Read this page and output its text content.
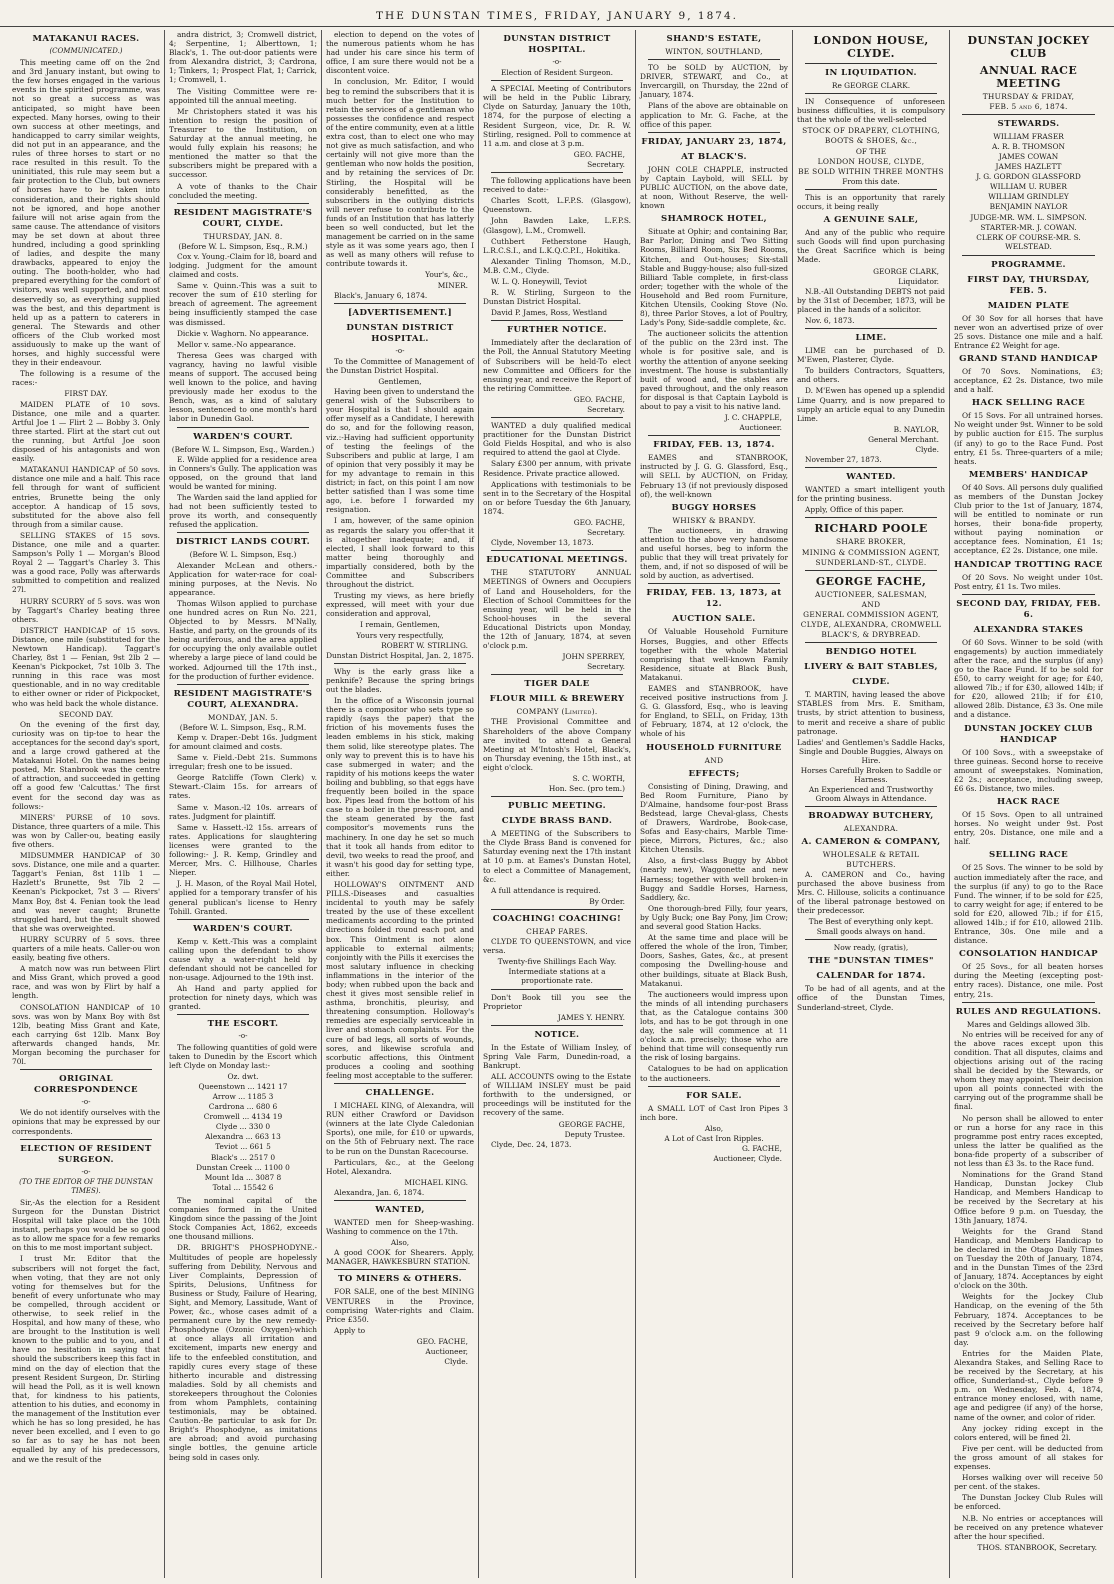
THE DUNSTAN TIMES, FRIDAY, JANUARY 9, 1874.
MATAKANUI RACES.
(COMMUNICATED.)

This meeting came off on the 2nd and 3rd January instant, but owing to the few horses engaged in the various events in the spirited programme, was not so great a success as was anticipated, so might have been expected. Many horses, owing to their own success at other meetings, and handicapped to carry similar weights, did not put in an appearance, and the rules of three horses to start or no race resulted in this result. To the uninitiated, this rule may seem but a fair protection to the Club, but owners of horses have to be taken into consideration, and their rights should not be ignored, and hope another failure will not arise again from the same cause. The attendance of visitors may be set down at about three hundred, including a good sprinkling of ladies, and despite the many drawbacks, appeared to enjoy the outing. The booth-holder, who had prepared everything for the comfort of visitors, was well supported, and most deservedly so, as everything supplied was the best, and this department is held up as a pattern to caterers in general. The Stewards and other officers of the Club worked most assiduously to make up the want of horses, and highly successful were they in their endeavour.

The following is a resume of the races:-

FIRST DAY.

MAIDEN PLATE of 10 sovs. Distance, one mile and a quarter. Artful Joe 1 — Flirt 2 — Bobby 3. Only three started. Flirt at the start cut out the running, but Artful Joe soon disposed of his antagonists and won easily.

MATAKANUI HANDICAP of 50 sovs. distance one mile and a half. This race fell through for want of sufficient entries, Brunette being the only acceptor. A handicap of 15 sovs, substituted for the above also fell through from a similar cause.

SELLING STAKES of 15 sovs. Distance, one mile and a quarter. Sampson's Polly 1 — Morgan's Blood Royal 2 — Taggart's Charley 3. This was a good race, Polly was afterwards submitted to competition and realized 27l.

HURRY SCURRY of 5 sovs. was won by Taggart's Charley beating three others.

DISTRICT HANDICAP of 15 sovs. Distance, one mile (substituted for the Newtown Handicap). Taggart's Charley, 8st 1 — Fenian, 9st 2lb 2 — Keenan's Pickpocket, 7st 10lb 3. The running in this race was most questionable, and in no way creditable to either owner or rider of Pickpocket, who was held back the whole distance.

SECOND DAY.

On the evening of the first day, curiosity was on tip-toe to hear the acceptances for the second day's sport, and a large crowd gathered at the Matakanui Hotel. On the names being posted, Mr. Stanbrook was the centre of attraction, and succeeded in getting off a good few 'Calcuttas.' The first event for the second day was as follows:-

MINERS' PURSE of 10 sovs. Distance, three quarters of a mile. This was won by Caller-ou, beating easily five others.

MIDSUMMER HANDICAP of 30 sovs. Distance, one mile and a quarter. Taggart's Fenian, 8st 11lb 1 — Hazlett's Brunette, 9st 7lb 2 — Keenan's Pickpocket, 7st 3 — Rivers' Manx Boy, 8st 4. Fenian took the lead and was never caught; Brunette struggled hard, but the result showed that she was overweighted.

HURRY SCURRY of 5 sovs. three quarters of a mile heats. Caller-ou won easily, beating five others.

A match now was run between Flirt and Miss Grant, which proved a good race, and was won by Flirt by half a length.

CONSOLATION HANDICAP of 10 sovs. was won by Manx Boy with 8st 12lb, beating Miss Grant and Kate, each carrying 6st 12lb. Manx Boy afterwards changed hands, Mr. Morgan becoming the purchaser for 70l.

ORIGINAL CORRESPONDENCE
-o-

We do not identify ourselves with the opinions that may be expressed by our correspondents.

ELECTION OF RESIDENT SURGEON.
-o-
(TO THE EDITOR OF THE DUNSTAN TIMES).

Sir,-As the election for a Resident Surgeon for the Dunstan District Hospital will take place on the 10th instant, perhaps you would be so good as to allow me space for a few remarks on this to me most important subject.

I trust Mr. Editor that the subscribers will not forget the fact, when voting, that they are not only voting for themselves but for the benefit of every unfortunate who may be compelled, through accident or otherwise, to seek relief in the Hospital, and how many of these, who are brought to the Institution is well known to the public and to you, and I have no hesitation in saying that should the subscribers keep this fact in mind on the day of election that the present Resident Surgeon, Dr. Stirling will head the Poll, as it is well known that, for kindness to his patients, attention to his duties, and economy in the management of the Institution ever which he has so long presided, he has never been excelled, and I even to go so far as to say he has not been equalled by any of his predecessors, and we the result of the

andra district, 3; Cromwell district, 4; Serpentine, 1; Alberttown, 1; Black's, 1. The out-door patients were from Alexandra district, 3; Cardrona, 1; Tinkers, 1; Prospect Flat, 1; Carrick, 1; Cromwell, 1.

The Visiting Committee were re-appointed till the annual meeting.

Mr Christophers stated it was his intention to resign the position of Treasurer to the Institution, on Saturday at the annual meeting, he would fully explain his reasons; he mentioned the matter so that the subscribers might be prepared with a successor.

A vote of thanks to the Chair concluded the meeting.

RESIDENT MAGISTRATE'S COURT, CLYDE.
THURSDAY, JAN. 8.
(Before W. L. Simpson, Esq., R.M.)

Cox v. Young.-Claim for l8, board and lodging. Judgment for the amount claimed and costs.

Same v. Quinn.-This was a suit to recover the sum of £10 sterling for breach of agreement. The agreement being insufficiently stamped the case was dismissed.

Dickie v. Waghorn. No appearance.

Mellor v. same.-No appearance.

Theresa Gees was charged with vagrancy, having no lawful visible means of support. The accused being well known to the police, and having previously made her exodus to the Bench, was, as a kind of salutary lesson, sentenced to one month's hard labor in Dunedin Gaol.

WARDEN'S COURT.
(Before W. L. Simpson, Esq., Warden.)

E. Wilde applied for a residence area in Conners's Gully. The application was opposed, on the ground that land would be wanted for mining.

The Warden said the land applied for had not been sufficiently tested to prove its worth, and consequently refused the application.

DISTRICT LANDS COURT.
(Before W. L. Simpson, Esq.)

Alexander McLean and others.-Application for water-race for coal-mining purposes, at the Nevis. No appearance.

Thomas Wilson applied to purchase one hundred acres on Run No. 221, Objected to by Messrs. M'Nally, Hastie, and party, on the grounds of its being auriferous, and the area applied for occupying the only available outlet whereby a large piece of land could be worked. Adjourned till the 17th inst., for the production of further evidence.

RESIDENT MAGISTRATE'S COURT, ALEXANDRA.
MONDAY, JAN. 5.
(Before W. L. Simpson, Esq., R.M.

Kemp v. Draper.-Debt 16s. Judgment for amount claimed and costs.

Same v. Field.-Debt 21s. Summons irregular; fresh one to be issued.

George Ratcliffe (Town Clerk) v. Stewart.-Claim 15s. for arrears of rates.

Same v. Mason.-l2 10s. arrears of rates. Judgment for plaintiff.

Same v. Hassett.-l2 15s. arrears of rates. Applications for slaughtering licenses were granted to the following:- J. R. Kemp, Grindley and Mercer, Mrs. C. Hillhouse, Charles Nieper.

J. H. Mason, of the Royal Mail Hotel, applied for a temporary transfer of his general publican's license to Henry Tohill. Granted.

WARDEN'S COURT.

Kemp v. Kett.-This was a complaint calling upon the defendant to show cause why a water-right held by defendant should not be cancelled for non-usage. Adjourned to the 19th inst.

Ah Hand and party applied for protection for ninety days, which was granted.

THE ESCORT.
-o-

The following quantities of gold were taken to Dunedin by the Escort which left Clyde on Monday last:-

Oz. dwt.
Queenstown ... 1421 17
Arrow ... 1185 3
Cardrona ... 680 6
Cromwell ... 4134 19
Clyde ... 330 0
Alexandra ... 663 13
Teviot ... 661 5
Black's ... 2517 0
Dunstan Creek ... 1100 0
Mount Ida ... 3087 8
Total ... 15542 6

The nominal capital of the companies formed in the United Kingdom since the passing of the Joint Stock Companies Act, 1862, exceeds one thousand millions.

DR. BRIGHT'S PHOSPHODYNE.-Multitudes of people are hopelessly suffering from Debility, Nervous and Liver Complaints, Depression of Spirits, Delusions, Unfitness for Business or Study, Failure of Hearing, Sight, and Memory, Lassitude, Want of Power, &c., whose cases admit of a permanent cure by the new remedy-Phosphodyne (Ozonic Oxygen)-which at once allays all irritation and excitement, imparts new energy and life to the enfeebled constitution, and rapidly cures every stage of these hitherto incurable and distressing maladies. Sold by all chemists and storekeepers throughout the Colonies from whom Pamphlets, containing testimonials, may be obtained. Caution.-Be particular to ask for Dr. Bright's Phosphodyne, as imitations are abroad; and avoid purchasing single bottles, the genuine article being sold in cases only.

election to depend on the votes of the numerous patients whom he has had under his care since his term of office, I am sure there would not be a discontent voice.

In conclusion, Mr. Editor, I would beg to remind the subscribers that it is much better for the Institution to retain the services of a gentleman who possesses the confidence and respect of the entire community, even at a little extra cost, than to elect one who may not give as much satisfaction, and who certainly will not give more than the gentleman who now holds the position, and by retaining the services of Dr. Stirling, the Hospital will be considerably benefitted, as the subscribers in the outlying districts will never refuse to contribute to the funds of an Institution that has latterly been so well conducted, but let the management be carried on in the same style as it was some years ago, then I as well as many others will refuse to contribute towards it.

Your's, &c.,
MINER.

Black's, January 6, 1874.

[ADVERTISEMENT.]
DUNSTAN DISTRICT HOSPITAL.
-o-

To the Committee of Management of the Dunstan District Hospital.

Gentlemen,

Having been given to understand the general wish of the Subscribers to your Hospital is that I should again offer myself as a Candidate, I herewith do so, and for the following reason, viz.:-Having had sufficient opportunity of testing the feelings of the Subscribers and public at large, I am of opinion that very possibly it may be for my advantage to remain in this district; in fact, on this point I am now better satisfied than I was some time ago, i.e. before I forwarded my resignation.

I am, however, of the same opinion as regards the salary you offer-that it is altogether inadequate; and, if elected, I shall look forward to this matter being thoroughly and impartially considered, both by the Committee and Subscribers throughout the district.

Trusting my views, as here briefly expressed, will meet with your due consideration and approval,

I remain, Gentlemen,
Yours very respectfully,
ROBERT W. STIRLING.
Dunstan District Hospital, Jan. 2, 1875.

Why is the early grass like a penknife? Because the spring brings out the blades.

In the office of a Wisconsin journal there is a compositor who sets type so rapidly (says the paper) that the friction of his movements fuses the leaden emblems in his stick, making them solid, like stereotype plates. The only way to prevent this is to have his case submerged in water; and the rapidity of his motions keeps the water boiling and bubbling, so that eggs have frequently been boiled in the space box. Pipes lead from the bottom of his case to a boiler in the press-room, and the steam generated by the fast compositor's movements runs the machinery. In one day he set so much that it took all hands from editor to devil, two weeks to read the proof, and it wasn't his good day for setting type, either.

HOLLOWAY'S OINTMENT AND PILLS.-Diseases and casualties incidental to youth may be safely treated by the use of these excellent medicaments according to the printed directions folded round each pot and box. This Ointment is not alone applicable to external ailments; conjointly with the Pills it exercises the most salutary influence in checking inflammations in the interior of the body; when rubbed upon the back and chest it gives most sensible relief in asthma, bronchitis, pleurisy, and threatening consumption. Holloway's remedies are especially serviceable in liver and stomach complaints. For the cure of bad legs, all sorts of wounds, sores, and likewise scrofula and scorbutic affections, this Ointment produces a cooling and soothing feeling most acceptable to the sufferer.

CHALLENGE.

I MICHAEL KING, of Alexandra, will RUN either Crawford or Davidson (winners at the late Clyde Caledonian Sports), one mile, for £10 or upwards, on the 5th of February next. The race to be run on the Dunstan Racecourse.

Particulars, &c., at the Geelong Hotel, Alexandra.

MICHAEL KING.

Alexandra, Jan. 6, 1874.

WANTED,

WANTED men for Sheep-washing. Washing to commence on the 17th.

Also,

A good COOK for Shearers. Apply, MANAGER, HAWKESBURN STATION.

TO MINERS & OTHERS.

FOR SALE, one of the best MINING VENTURES in the Province, comprising Water-rights and Claim. Price £350.

Apply to

GEO. FACHE,
Auctioneer,
Clyde.
DUNSTAN DISTRICT HOSPITAL.
-o-
Election of Resident Surgeon.

A SPECIAL Meeting of Contributors will be held in the Public Library, Clyde on Saturday, January the 10th, 1874, for the purpose of electing a Resident Surgeon, vice, Dr. R. W. Stirling, resigned. Poll to commence at 11 a.m. and close at 3 p.m.

GEO. FACHE,
Secretary.

The following applications have been received to date:-

Charles Scott, L.F.P.S. (Glasgow), Queenstown.

John Bawden Lake, L.F.P.S. (Glasgow), L.M., Cromwell.

Cuthbert Fetherstone Haugh, L.R.C.S.I., and L.K.Q.C.P.I., Hokitika.

Alexander Tinling Thomson, M.D., M.B. C.M., Clyde.

W. L. Q. Honeywill, Teviot

R. W. Stirling, Surgeon to the Dunstan District Hospital.

David P. James, Ross, Westland

FURTHER NOTICE.

Immediately after the declaration of the Poll, the Annual Statutory Meeting of Subscribers will be held-To elect new Committee and Officers for the ensuing year, and receive the Report of the retiring Committee.

GEO. FACHE,
Secretary.

WANTED a duly qualified medical practitioner for the Dunstan District Gold Fields Hospital, and who is also required to attend the gaol at Clyde.

Salary £300 per annum, with private Residence. Private practice allowed.

Applications with testimonials to be sent in to the Secretary of the Hospital on or before Tuesday the 6th January, 1874.

GEO. FACHE,
Secretary.

Clyde, November 13, 1873.

EDUCATIONAL MEETINGS.

THE STATUTORY ANNUAL MEETINGS of Owners and Occupiers of Land and Householders, for the Election of School Committees for the ensuing year, will be held in the School-houses in the several Educational Districts upon Monday, the 12th of January, 1874, at seven o'clock p.m.

JOHN SPERREY,
Secretary.
TIGER DALE
FLOUR MILL & BREWERY
COMPANY (Limited).

THE Provisional Committee and Shareholders of the above Company are invited to attend a General Meeting at M'Intosh's Hotel, Black's, on Thursday evening, the 15th inst., at eight o'clock.

S. C. WORTH,
Hon. Sec. (pro tem.)
PUBLIC MEETING.
CLYDE BRASS BAND.

A MEETING of the Subscribers to the Clyde Brass Band is convened for Saturday evening next the 17th instant at 10 p.m. at Eames's Dunstan Hotel, to elect a Committee of Management, &c.

A full attendance is required.

By Order.
COACHING! COACHING!
CHEAP FARES.

CLYDE TO QUEENSTOWN, and vice versa.

Twenty-five Shillings Each Way.
Intermediate stations at a proportionate rate.

Don't Book till you see the Proprietor

JAMES Y. HENRY.
NOTICE.

In the Estate of William Insley, of Spring Vale Farm, Dunedin-road, a Bankrupt.

ALL ACCOUNTS owing to the Estate of WILLIAM INSLEY must be paid forthwith to the undersigned, or proceedings will be instituted for the recovery of the same.

GEORGE FACHE,
Deputy Trustee.

Clyde, Dec. 24, 1873.

SHAND'S ESTATE,
WINTON, SOUTHLAND,

TO be SOLD by AUCTION, by DRIVER, STEWART, and Co., at Invercargill, on Thursday, the 22nd of January, 1874.

Plans of the above are obtainable on application to Mr. G. Fache, at the office of this paper.

FRIDAY, JANUARY 23, 1874,
AT BLACK'S.

JOHN COLE CHAPPLE, instructed by Captain Laybold, will SELL by PUBLIC AUCTION, on the above date, at noon, Without Reserve, the well-known

SHAMROCK HOTEL,

Situate at Ophir; and containing Bar, Bar Parlor, Dining and Two Sitting Rooms, Billiard Room, Six Bed Rooms, Kitchen, and Out-houses; Six-stall Stable and Buggy-house; also full-sized Billiard Table complete, in first-class order; together with the whole of the Household and Bed room Furniture, Kitchen Utensils, Cooking Stove (No. 8), three Parlor Stoves, a lot of Poultry, Lady's Pony, Side-saddle complete, &c.

The auctioneer solicits the attention of the public on the 23rd inst. The whole is for positive sale, and is worthy the attention of anyone seeking investment. The house is substantially built of wood and, the stables are paved throughout, and the only reason for disposal is that Captain Laybold is about to pay a visit to his native land.

J. C. CHAPPLE,
Auctioneer.
FRIDAY, FEB. 13, 1874.

EAMES and STANBROOK, instructed by J. G. G. Glassford, Esq., will SELL by AUCTION, on Friday, February 13 (if not previously disposed of), the well-known

BUGGY HORSES
WHISKY & BRANDY.

The auctioneers, in drawing attention to the above very handsome and useful horses, beg to inform the public that they will treat privately for them, and, if not so disposed of will be sold by auction, as advertised.

FRIDAY, FEB. 13, 1873, at 12.
AUCTION SALE.

Of Valuable Household Furniture Horses, Buggies, and other Effects together with the whole Material comprising that well-known Family Residence, situate at Black Bush, Matakanui.

EAMES and STANBROOK, have received positive instructions from J. G. G. Glassford, Esq., who is leaving for England, to SELL, on Friday, 13th of February, 1874, at 12 o'clock, the whole of his

HOUSEHOLD FURNITURE
AND
EFFECTS;

Consisting of Dining, Drawing, and Bed Room Furniture, Piano by D'Almaine, handsome four-post Brass Bedstead, large Cheval-glass, Chests of Drawers, Wardrobe, Book-case, Sofas and Easy-chairs, Marble Time-piece, Mirrors, Pictures, &c.; also Kitchen Utensils.

Also, a first-class Buggy by Abbot (nearly new), Waggonette and new Harness; together with well broken-in Buggy and Saddle Horses, Harness, Saddlery, &c.

One thorough-bred Filly, four years, by Ugly Buck; one Bay Pony, Jim Crow; and several good Station Hacks.

At the same time and place will be offered the whole of the Iron, Timber, Doors, Sashes, Gates, &c., at present composing the Dwelling-house and other buildings, situate at Black Bush, Matakanui.

The auctioneers would impress upon the minds of all intending purchasers that, as the Catalogue contains 300 lots, and has to be got through in one day, the sale will commence at 11 o'clock a.m. precisely; those who are behind that time will consequently run the risk of losing bargains.

Catalogues to be had on application to the auctioneers.

FOR SALE.

A SMALL LOT of Cast Iron Pipes 3 inch bore.

Also,
A Lot of Cast Iron Ripples.
G. FACHE,
Auctioneer, Clyde.
LONDON HOUSE, CLYDE.
IN LIQUIDATION.
Re GEORGE CLARK.

IN Consequence of unforeseen business difficulties, it is compulsory that the whole of the well-selected

STOCK OF DRAPERY, CLOTHING,
BOOTS & SHOES, &c.,
OF THE
LONDON HOUSE, CLYDE,
BE SOLD WITHIN THREE MONTHS
From this date.

This is an opportunity that rarely occurs, it being really

A GENUINE SALE,

And any of the public who require such Goods will find upon purchasing the Great Sacrifice which is being Made.

GEORGE CLARK,
Liquidator.

N.B.-All Outstanding DEBTS not paid by the 31st of December, 1873, will be placed in the hands of a solicitor.

Nov. 6, 1873.

LIME.

LIME can be purchased of D. M'Ewen, Plasterer, Clyde.

To builders Contractors, Squatters, and others.

D. M'Ewen has opened up a splendid Lime Quarry, and is now prepared to supply an article equal to any Dunedin Lime.

B. NAYLOR,
General Merchant.
Clyde.

November 27, 1873.

WANTED.

WANTED a smart intelligent youth for the printing business.

Apply, Office of this paper.

RICHARD POOLE
SHARE BROKER,
MINING & COMMISSION AGENT,
SUNDERLAND-ST., CLYDE.
GEORGE FACHE,
AUCTIONEER, SALESMAN,
AND
GENERAL COMMISSION AGENT,
CLYDE, ALEXANDRA, CROMWELL
BLACK'S, & DRYBREAD.
BENDIGO HOTEL
LIVERY & BAIT STABLES,
CLYDE.

T. MARTIN, having leased the above STABLES from Mrs. E. Smitham, trusts, by strict attention to business, to merit and receive a share of public patronage.

Ladies' and Gentlemen's Saddle Hacks, Single and Double Buggies, Always on Hire.
Horses Carefully Broken to Saddle or Harness.
An Experienced and Trustworthy Groom Always in Attendance.
BROADWAY BUTCHERY,
ALEXANDRA.
A. CAMERON & COMPANY,
WHOLESALE & RETAIL BUTCHERS.

A. CAMERON and Co., having purchased the above business from Mrs. C. Hillouse, solicits a continuance of the liberal patronage bestowed on their predecessor.

The Best of everything only kept.
Small goods always on hand.
Now ready, (gratis),
THE "DUNSTAN TIMES"
CALENDAR for 1874.

To be had of all agents, and at the office of the Dunstan Times, Sunderland-street, Clyde.

DUNSTAN JOCKEY CLUB
ANNUAL RACE MEETING
THURSDAY & FRIDAY,
FEB. 5 and 6, 1874.
STEWARDS.
WILLIAM FRASER
A. R. B. THOMSON
JAMES COWAN
JAMES HAZLETT
J. G. GORDON GLASSFORD
WILLIAM U. RUBER
WILLIAM GRINDLEY
BENJAMIN NAYLOR
JUDGE-MR. WM. L. SIMPSON.
STARTER-MR. J. COWAN.
CLERK OF COURSE-MR. S. WELSTEAD.
PROGRAMME.
FIRST DAY, THURSDAY, FEB. 5.
MAIDEN PLATE

Of 30 Sov for all horses that have never won an advertised prize of over 25 sovs. Distance one mile and a half. Entrance £2 Weight for age.

GRAND STAND HANDICAP

Of 70 Sovs. Nominations, £3; acceptance, £2 2s. Distance, two mile and a half.

HACK SELLING RACE

Of 15 Sovs. For all untrained horses. No weight under 9st. Winner to be sold by public auction for £15. The surplus (if any) to go to the Race Fund. Post entry, £1 5s. Three-quarters of a mile; heats.

MEMBERS' HANDICAP

Of 40 Sovs. All persons duly qualified as members of the Dunstan Jockey Club prior to the 1st of January, 1874, will be entitled to nominate or run horses, their bona-fide property, without paying nomination or acceptance fees. Nomination, £1 1s; acceptance, £2 2s. Distance, one mile.

HANDICAP TROTTING RACE

Of 20 Sovs. No weight under 10st. Post entry, £1 1s. Two miles.

SECOND DAY, FRIDAY, FEB. 6.
ALEXANDRA STAKES

Of 60 Sovs. Winner to be sold (with engagements) by auction immediately after the race, and the surplus (if any) go to the Race Fund. If to be sold for £50, to carry weight for age; for £40, allowed 7lb.; if for £30, allowed 14lb; if for £20, allowed 21lb; if for £10, allowed 28lb. Distance, £3 3s. One mile and a distance.

DUNSTAN JOCKEY CLUB HANDICAP

Of 100 Sovs., with a sweepstake of three guineas. Second horse to receive amount of sweepstakes. Nomination, £2 2s.; acceptance, including sweep, £6 6s. Distance, two miles.

HACK RACE

Of 15 Sovs. Open to all untrained horses. No weight under 9st. Post entry, 20s. Distance, one mile and a half.

SELLING RACE

Of 25 Sovs. The winner to be sold by auction immediately after the race, and the surplus (if any) to go to the Race Fund. The winner, if to be sold for £25, to carry weight for age; if entered to be sold for £20, allowed 7lb.; if for £15, allowed 14lb.; if for £10, allowed 21lb. Entrance, 30s. One mile and a distance.

CONSOLATION HANDICAP

Of 25 Sovs., for all beaten horses during the Meeting (excepting post-entry races). Distance, one mile. Post entry, 21s.

RULES AND REGULATIONS.
Mares and Geldings allowed 3lb.

No entries will be received for any of the above races except upon this condition. That all disputes, claims and objections arising out of the racing shall be decided by the Stewards, or whom they may appoint. Their decision upon all points connected with the carrying out of the programme shall be final.

No person shall be allowed to enter or run a horse for any race in this programme post entry races excepted, unless the latter be qualified as the bona-fide property of a subscriber of not less than £3 3s. to the Race fund.

Nominations for the Grand Stand Handicap, Dunstan Jockey Club Handicap, and Members Handicap to be received by the Secretary at his Office before 9 p.m. on Tuesday, the 13th January, 1874.

Weights for the Grand Stand Handicap, and Members Handicap to be declared in the Otago Daily Times on Tuesday the 20th of January, 1874, and in the Dunstan Times of the 23rd of January, 1874. Acceptances by eight o'clock on the 30th.

Weights for the Jockey Club Handicap, on the evening of the 5th February, 1874. Acceptances to be received by the Secretary before half past 9 o'clock a.m. on the following day.

Entries for the Maiden Plate, Alexandra Stakes, and Selling Race to be received by the Secretary, at his office, Sunderland-st., Clyde before 9 p.m. on Wednesday, Feb. 4, 1874, entrance money enclosed, with name, age and pedigree (if any) of the horse, name of the owner, and color of rider.

Any jockey riding except in the colors entered, will be fined 2l.

Five per cent. will be deducted from the gross amount of all stakes for expenses.

Horses walking over will receive 50 per cent. of the stakes.

The Dunstan Jockey Club Rules will be enforced.

N.B. No entries or acceptances will be received on any pretence whatever after the hour specified.

THOS. STANBROOK, Secretary.
